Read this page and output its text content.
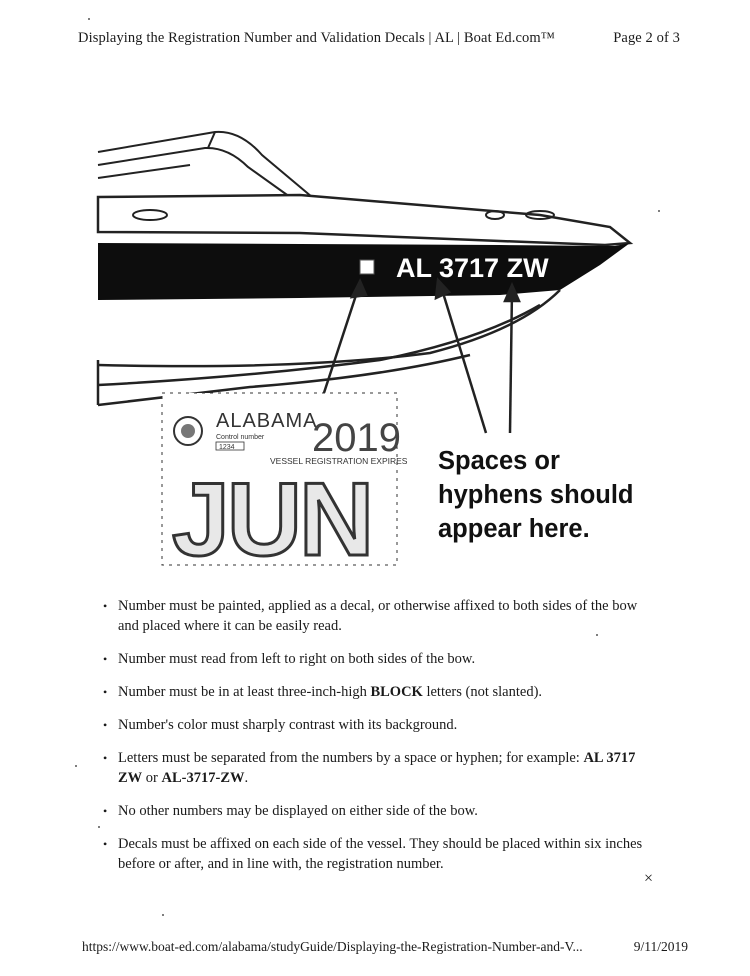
Displaying the Registration Number and Validation Decals | AL | Boat Ed.com™	Page 2 of 3
AL 3717 ZW
ALABAMA
Control number
1234 2019
VESSEL REGISTRATION EXPIRES
JUN
Spaces or
hyphens should
appear here.
• Number must be painted, applied as a decal, or otherwise affixed to both sides of the bow and placed where it can be easily read.
• Number must read from left to right on both sides of the bow.
• Number must be in at least three-inch-high BLOCK letters (not slanted).
• Number's color must sharply contrast with its background.
• Letters must be separated from the numbers by a space or hyphen; for example: AL 3717 ZW or AL-3717-ZW.
• No other numbers may be displayed on either side of the bow.
• Decals must be affixed on each side of the vessel. They should be placed within six inches before or after, and in line with, the registration number.
×
https://www.boat-ed.com/alabama/studyGuide/Displaying-the-Registration-Number-and-V...	9/11/2019
